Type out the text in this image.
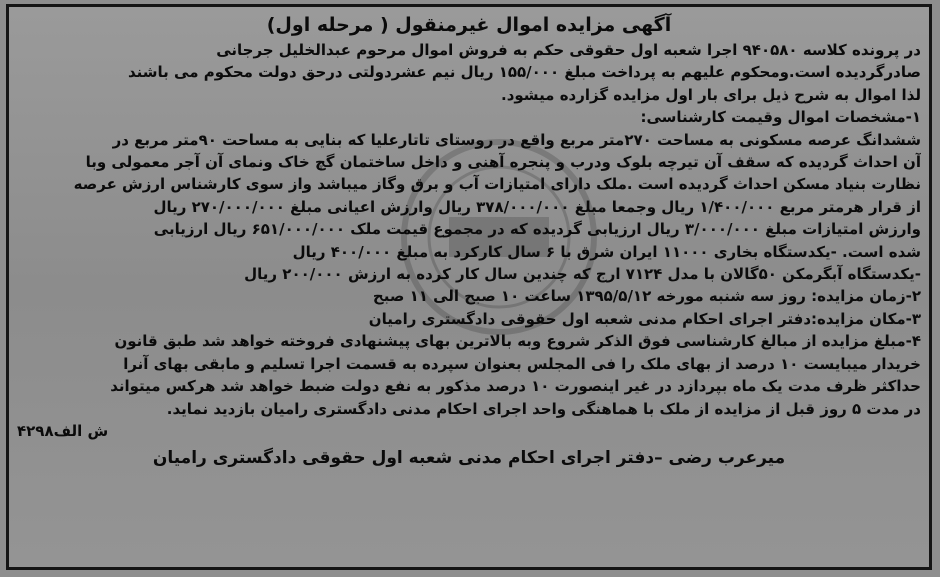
آگهی مزایده اموال غیرمنقول ( مرحله اول)
در پرونده کلاسه ۹۴۰۵۸۰ اجرا شعبه اول حقوقی حکم به فروش اموال مرحوم عبدالخلیل جرجانی
صادرگردیده است.ومحکوم علیهم به پرداخت مبلغ ۱۵۵/۰۰۰ ریال نیم عشردولتی درحق دولت محکوم می باشند
لذا اموال به شرح ذیل برای بار اول مزایده گزارده میشود.
۱-مشخصات اموال وقیمت کارشناسی:
ششدانگ عرصه مسکونی به مساحت ۲۷۰متر مربع واقع در روستای تاتارعلیا که بنایی به مساحت ۹۰متر مربع در
آن احداث گردیده که سقف آن تیرچه بلوک ودرب و پنجره آهنی و داخل ساختمان گچ خاک ونمای آن آجر معمولی وبا
نظارت بنیاد مسکن احداث گردیده است .ملک دارای امتیازات آب و برق وگاز میباشد واز سوی کارشناس ارزش عرصه
از قرار هرمتر مربع ۱/۴۰۰/۰۰۰ ریال وجمعا مبلغ ۳۷۸/۰۰۰/۰۰۰ ریال وارزش اعیانی مبلغ ۲۷۰/۰۰۰/۰۰۰ ریال
وارزش امتیازات مبلغ ۳/۰۰۰/۰۰۰ ریال ارزیابی گردیده که در مجموع قیمت ملک ۶۵۱/۰۰۰/۰۰۰ ریال ارزیابی
شده است. -یکدستگاه بخاری ۱۱۰۰۰ ایران شرق با ۶ سال کارکرد به مبلغ ۴۰۰/۰۰۰ ریال
-یکدستگاه آبگرمکن ۵۰گالان با مدل ۷۱۲۴ ارج که چندین سال کار کرده به ارزش ۲۰۰/۰۰۰ ریال
۲-زمان مزایده: روز سه شنبه مورخه ۱۳۹۵/۵/۱۲ ساعت ۱۰ صبح الی ۱۱ صبح
۳-مکان مزایده:دفتر اجرای احکام مدنی شعبه اول حقوقی دادگستری رامیان
۴-مبلغ مزایده از مبالغ کارشناسی فوق الذکر شروع وبه بالاترین بهای پیشنهادی فروخته خواهد شد طبق قانون
خریدار میبایست ۱۰ درصد از بهای ملک را فی المجلس بعنوان سپرده به قسمت اجرا تسلیم و مابقی بهای آنرا
حداکثر ظرف مدت یک ماه بپردازد در غیر اینصورت ۱۰ درصد مذکور به نفع دولت ضبط خواهد شد هرکس میتواند
در مدت ۵ روز قبل از مزایده از ملک با هماهنگی واحد اجرای احکام مدنی دادگستری رامیان بازدید نماید.
ش الف۴۲۹۸
میرعرب رضی –دفتر اجرای احکام مدنی شعبه اول حقوقی دادگستری رامیان
